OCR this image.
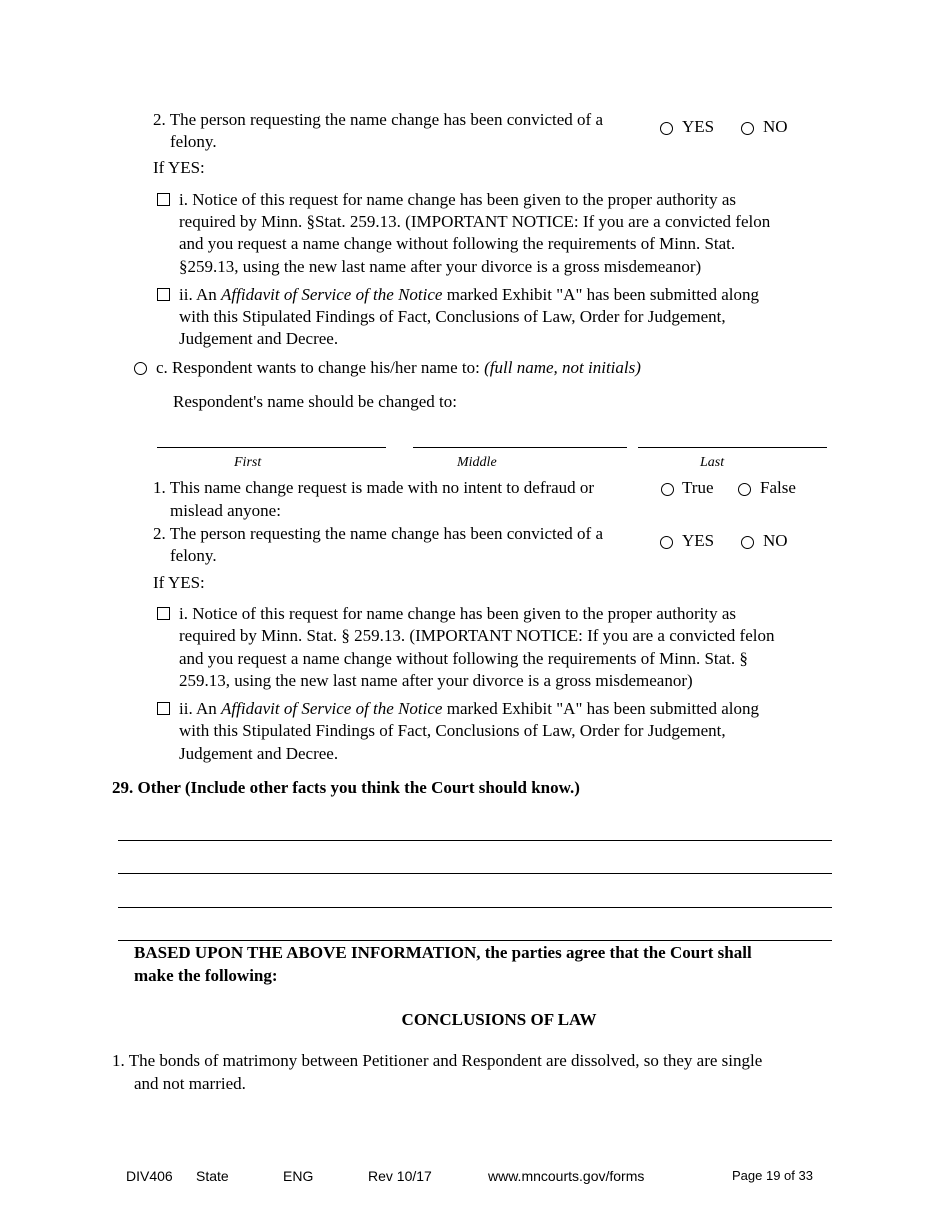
2. The person requesting the name change has been convicted of a
felony.
YES	NO
If YES:
i. Notice of this request for name change has been given to the proper authority as
required by Minn. §Stat. 259.13. (IMPORTANT NOTICE: If you are a convicted felon
and you request a name change without following the requirements of Minn. Stat.
§259.13, using the new last name after your divorce is a gross misdemeanor)
ii. An Affidavit of Service of the Notice marked Exhibit "A" has been submitted along
with this Stipulated Findings of Fact, Conclusions of Law, Order for Judgement,
Judgement and Decree.
c. Respondent wants to change his/her name to: (full name, not initials)
Respondent's name should be changed to:
First	Middle	Last
1. This name change request is made with no intent to defraud or
mislead anyone:
True	False
2. The person requesting the name change has been convicted of a
felony.
YES	NO
If YES:
i. Notice of this request for name change has been given to the proper authority as
required by Minn. Stat. § 259.13. (IMPORTANT NOTICE: If you are a convicted felon
and you request a name change without following the requirements of Minn. Stat. §
259.13, using the new last name after your divorce is a gross misdemeanor)
ii. An Affidavit of Service of the Notice marked Exhibit "A" has been submitted along
with this Stipulated Findings of Fact, Conclusions of Law, Order for Judgement,
Judgement and Decree.
29. Other (Include other facts you think the Court should know.)
BASED UPON THE ABOVE INFORMATION, the parties agree that the Court shall
make the following:
CONCLUSIONS OF LAW
1. The bonds of matrimony between Petitioner and Respondent are dissolved, so they are single
and not married.
DIV406 State	ENG	Rev 10/17	www.mncourts.gov/forms	Page 19 of 33
